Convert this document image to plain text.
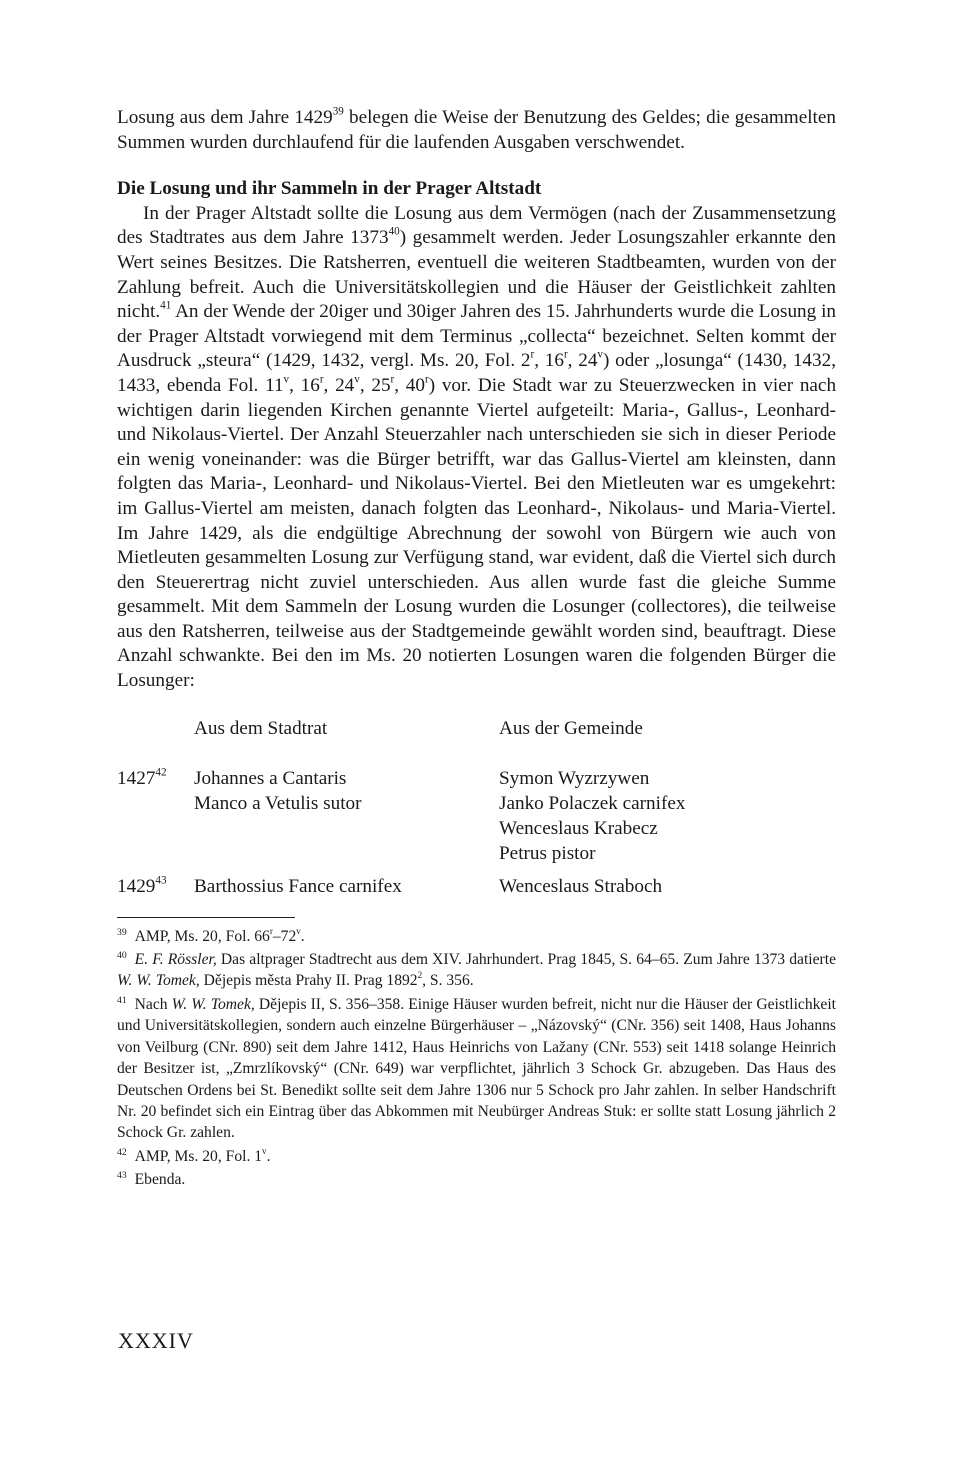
Losung aus dem Jahre 1429$^{39}$ belegen die Weise der Benutzung des Geldes; die gesammelten Summen wurden durchlaufend für die laufenden Ausgaben verschwendet.

Die Losung und ihr Sammeln in der Prager Altstadt

In der Prager Altstadt sollte die Losung aus dem Vermögen (nach der Zusammensetzung des Stadtrates aus dem Jahre 1373$^{40}$) gesammelt werden. Jeder Losungszahler erkannte den Wert seines Besitzes. Die Ratsherren, eventuell die weiteren Stadtbeamten, wurden von der Zahlung befreit. Auch die Universitätskollegien und die Häuser der Geistlichkeit zahlten nicht.$^{41}$ An der Wende der 20iger und 30iger Jahren des 15. Jahrhunderts wurde die Losung in der Prager Altstadt vorwiegend mit dem Terminus „collecta“ bezeichnet. Selten kommt der Ausdruck „steura“ (1429, 1432, vergl. Ms. 20, Fol. 2$^r$, 16$^r$, 24$^v$) oder „losunga“ (1430, 1432, 1433, ebenda Fol. 11$^v$, 16$^r$, 24$^v$, 25$^r$, 40$^r$) vor. Die Stadt war zu Steuerzwecken in vier nach wichtigen darin liegenden Kirchen genannte Viertel aufgeteilt: Maria-, Gallus-, Leonhard- und Nikolaus-Viertel. Der Anzahl Steuerzahler nach unterschieden sie sich in dieser Periode ein wenig voneinander: was die Bürger betrifft, war das Gallus-Viertel am kleinsten, dann folgten das Maria-, Leonhard- und Nikolaus-Viertel. Bei den Mietleuten war es umgekehrt: im Gallus-Viertel am meisten, danach folgten das Leonhard-, Nikolaus- und Maria-Viertel. Im Jahre 1429, als die endgültige Abrechnung der sowohl von Bürgern wie auch von Mietleuten gesammelten Losung zur Verfügung stand, war evident, daß die Viertel sich durch den Steuerertrag nicht zuviel unterschieden. Aus allen wurde fast die gleiche Summe gesammelt. Mit dem Sammeln der Losung wurden die Losunger (collectores), die teilweise aus den Ratsherren, teilweise aus der Stadtgemeinde gewählt worden sind, beauftragt. Diese Anzahl schwankte. Bei den im Ms. 20 notierten Losungen waren die folgenden Bürger die Losunger:

Aus dem Stadtrat	Aus der Gemeinde
1427$^{42}$ Johannes a Cantaris
Manco a Vetulis sutor
Symon Wyzrzywen
Janko Polaczek carnifex
Wenceslaus Krabecz
Petrus pistor
1429$^{43}$ Barthossius Fance carnifex	Wenceslaus Straboch

$^{39}$ AMP, Ms. 20, Fol. 66$^r$–72$^v$.

$^{40}$ E. F. Rössler, Das altprager Stadtrecht aus dem XIV. Jahrhundert. Prag 1845, S. 64–65. Zum Jahre 1373 datierte W. W. Tomek, Dějepis města Prahy II. Prag 1892$^2$, S. 356.

$^{41}$ Nach W. W. Tomek, Dějepis II, S. 356–358. Einige Häuser wurden befreit, nicht nur die Häuser der Geistlichkeit und Universitätskollegien, sondern auch einzelne Bürgerhäuser – „Názovský“ (CNr. 356) seit 1408, Haus Johanns von Veilburg (CNr. 890) seit dem Jahre 1412, Haus Heinrichs von Lažany (CNr. 553) seit 1418 solange Heinrich der Besitzer ist, „Zmrzlíkovský“ (CNr. 649) war verpflichtet, jährlich 3 Schock Gr. abzugeben. Das Haus des Deutschen Ordens bei St. Benedikt sollte seit dem Jahre 1306 nur 5 Schock pro Jahr zahlen. In selber Handschrift Nr. 20 befindet sich ein Eintrag über das Abkommen mit Neubürger Andreas Stuk: er sollte statt Losung jährlich 2 Schock Gr. zahlen.

$^{42}$ AMP, Ms. 20, Fol. 1$^v$.

$^{43}$ Ebenda.

XXXIV
